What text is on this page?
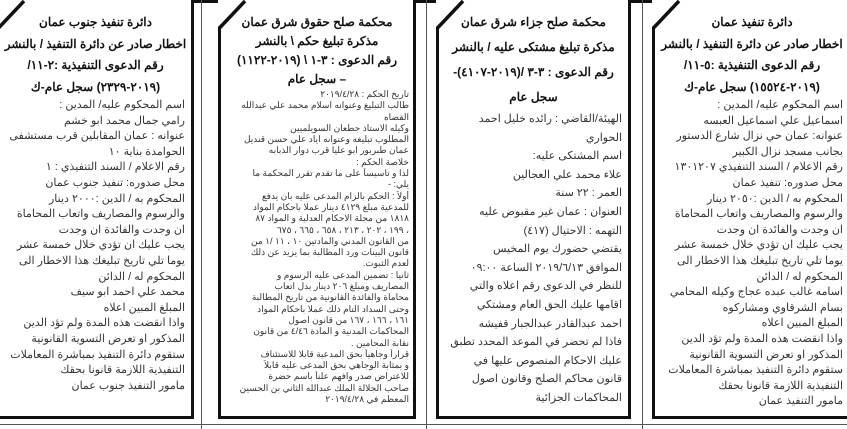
دائرة تنفيذ عمان
اخطار صادر عن دائرة التنفيذ / بالنشر
رقم الدعوى التنفيذية :٥-١١/
(٢٠١٩-١٥٥٢٤) سجل عام-ك
اسم المحكوم عليه/ المدين :
اسماعيل علي اسماعيل العبسه
عنوانه: عمان حي نزال شارع الدستور
بجانب مسجد نزال الكبير
رقم الاعلام / السند التنفيذي ١٣٠١٢٠٧
محل صدوره: تنفيذ عمان
المحكوم به / الدين :٢٠٥٠ دينار
والرسوم والمصاريف واتعاب المحاماة
ان وجدت والفائدة ان وجدت
يجب عليك ان تؤدي خلال خمسة عشر
يوما تلي تاريخ تبليغك هذا الاخطار الى
المحكوم له / الدائن
اسامه غالب عبده عجاج وكيله المحامي
بسام الشرقاوي ومشاركوه
المبلغ المبين اعلاه
واذا انقضت هذه المدة ولم تؤد الدين
المذكور او تعرض التسوية القانونية
ستقوم دائرة التنفيذ بمباشرة المعاملات
التنفيذية اللازمة قانونا بحقك
مامور التنفيذ عمان
محكمة صلح جزاء شرق عمان
مذكرة تبليغ مشتكى عليه / بالنشر
رقم الدعوى : ٣-٣ /(٢٠١٩-٤١٠٧)-
سجل عام
الهيئة/القاضي : رائده خليل احمد
الحواري
اسم المشتكى عليه:
علاء محمد علي العجالين
العمر : ٢٢ سنة
العنوان : عمان غير مقبوض عليه
التهمه : الاحتيال (٤١٧)
يقتضي حضورك يوم المخيس
الموافق ٢٠١٩/٦/١٣ الساعة ٠٩:٠٠
للنظر في الدعوى رقم اعلاه والتي
اقامها عليك الحق العام ومشتكي
احمد عبدالقادر عبدالجبار قفيشه
فاذا لم تحضر في الموعد المحدد تطبق
عليك الاحكام المنصوص عليها في
قانون محاكم الصلح وقانون اصول
المحاكمات الجزائية
محكمة صلح حقوق شرق عمان
مذكرة تبليغ حكم \ بالنشر
رقم الدعوى : ٣-١ \ (٢٠١٩-١١٢٢)
– سجل عام
تاريخ الحكم : ٢٠١٩/٤/٢٨
طالب التبليغ وعنوانه اسلام محمد علي عبدالله
القضاه
وكيله الاستاذ جطعان السويلميين
المطلوب تبليغه وعنوانه اياد علي حسن قنديل
عمان طبربور ابو عليا قرب دوار الذبابه
خلاصة الحكم :
لذا و تاسيساً على ما تقدم تقرر المحكمة ما
يلي: -
أولاً : الحكم بالزام المدعى عليه بان يدفع
للمدعية مبلغ ٤١٢٩ دينار عملا باحكام المواد
١٨١٨ من مجلة الاحكام العدلية و المواد ٨٧
، ١٩٩ ، ٢٠٢ ، ٢١٣ ، ٦٥٨ ، ٦٦٥ ، ٦٧٥
من القانون المدني والمادتين ١٠ ، ١١ /١ من
قانون البينات ورد المطالبة بما يزيد عن ذلك
لعدم الثبوت.
ثانيا : تضمين المدعى عليه الرسوم و
المصاريف ومبلغ ٢٠٦ دينار بدل اتعاب
محاماة والفائدة القانونية من تاريخ المطالبة
وحتى السداد التام ذلك عملا باحكام المواد
١٦١ ، ١٦٦ ، ١٦٧ من قانون اصول
المحاكمات المدنية و المادة ٤/٤٦ من قانون
نقابة المحامين .
قراراً وجاهياً بحق المدعية قابلا للاستئناف
و بمثابة الوجاهي بحق المدعى عليه قابلاً
للاعتراض صدر وافهم علناً باسم حضرة
صاحب الجلالة الملك عبدالله الثاني بن الحسين
المعظم في ٢٠١٩/٤/٢٨
دائرة تنفيذ جنوب عمان
اخطار صادر عن دائرة التنفيذ / بالنشر
رقم الدعوى التنفيذية :٢-١١/
(٢٠١٩-٢٣٢٩) سجل عام-ك
اسم المحكوم عليه/ المدين :
رامي جمال محمد ابو خشم
عنوانه : عمان المقابلين قرب مستشفى
الحوامدة بناية ١٠
رقم الاعلام / السند التنفيذي : ١
محل صدوره: تنفيذ جنوب عمان
المحكوم به / الدين :٢٠٠٠ دينار
والرسوم والمصاريف واتعاب المحاماة
ان وجدت والفائدة ان وجدت
يجب عليك ان تؤدي خلال خمسة عشر
يوما تلي تاريخ تبليغك هذا الاخطار الى
المحكوم له / الدائن
محمد علي احمد ابو سيف
المبلغ المبين اعلاه
واذا انقضت هذه المدة ولم تؤد الدين
المذكور او تعرض التسوية القانونية
ستقوم دائرة التنفيذ بمباشرة المعاملات
التنفيذية اللازمة قانونا بحقك
مامور التنفيذ جنوب عمان
